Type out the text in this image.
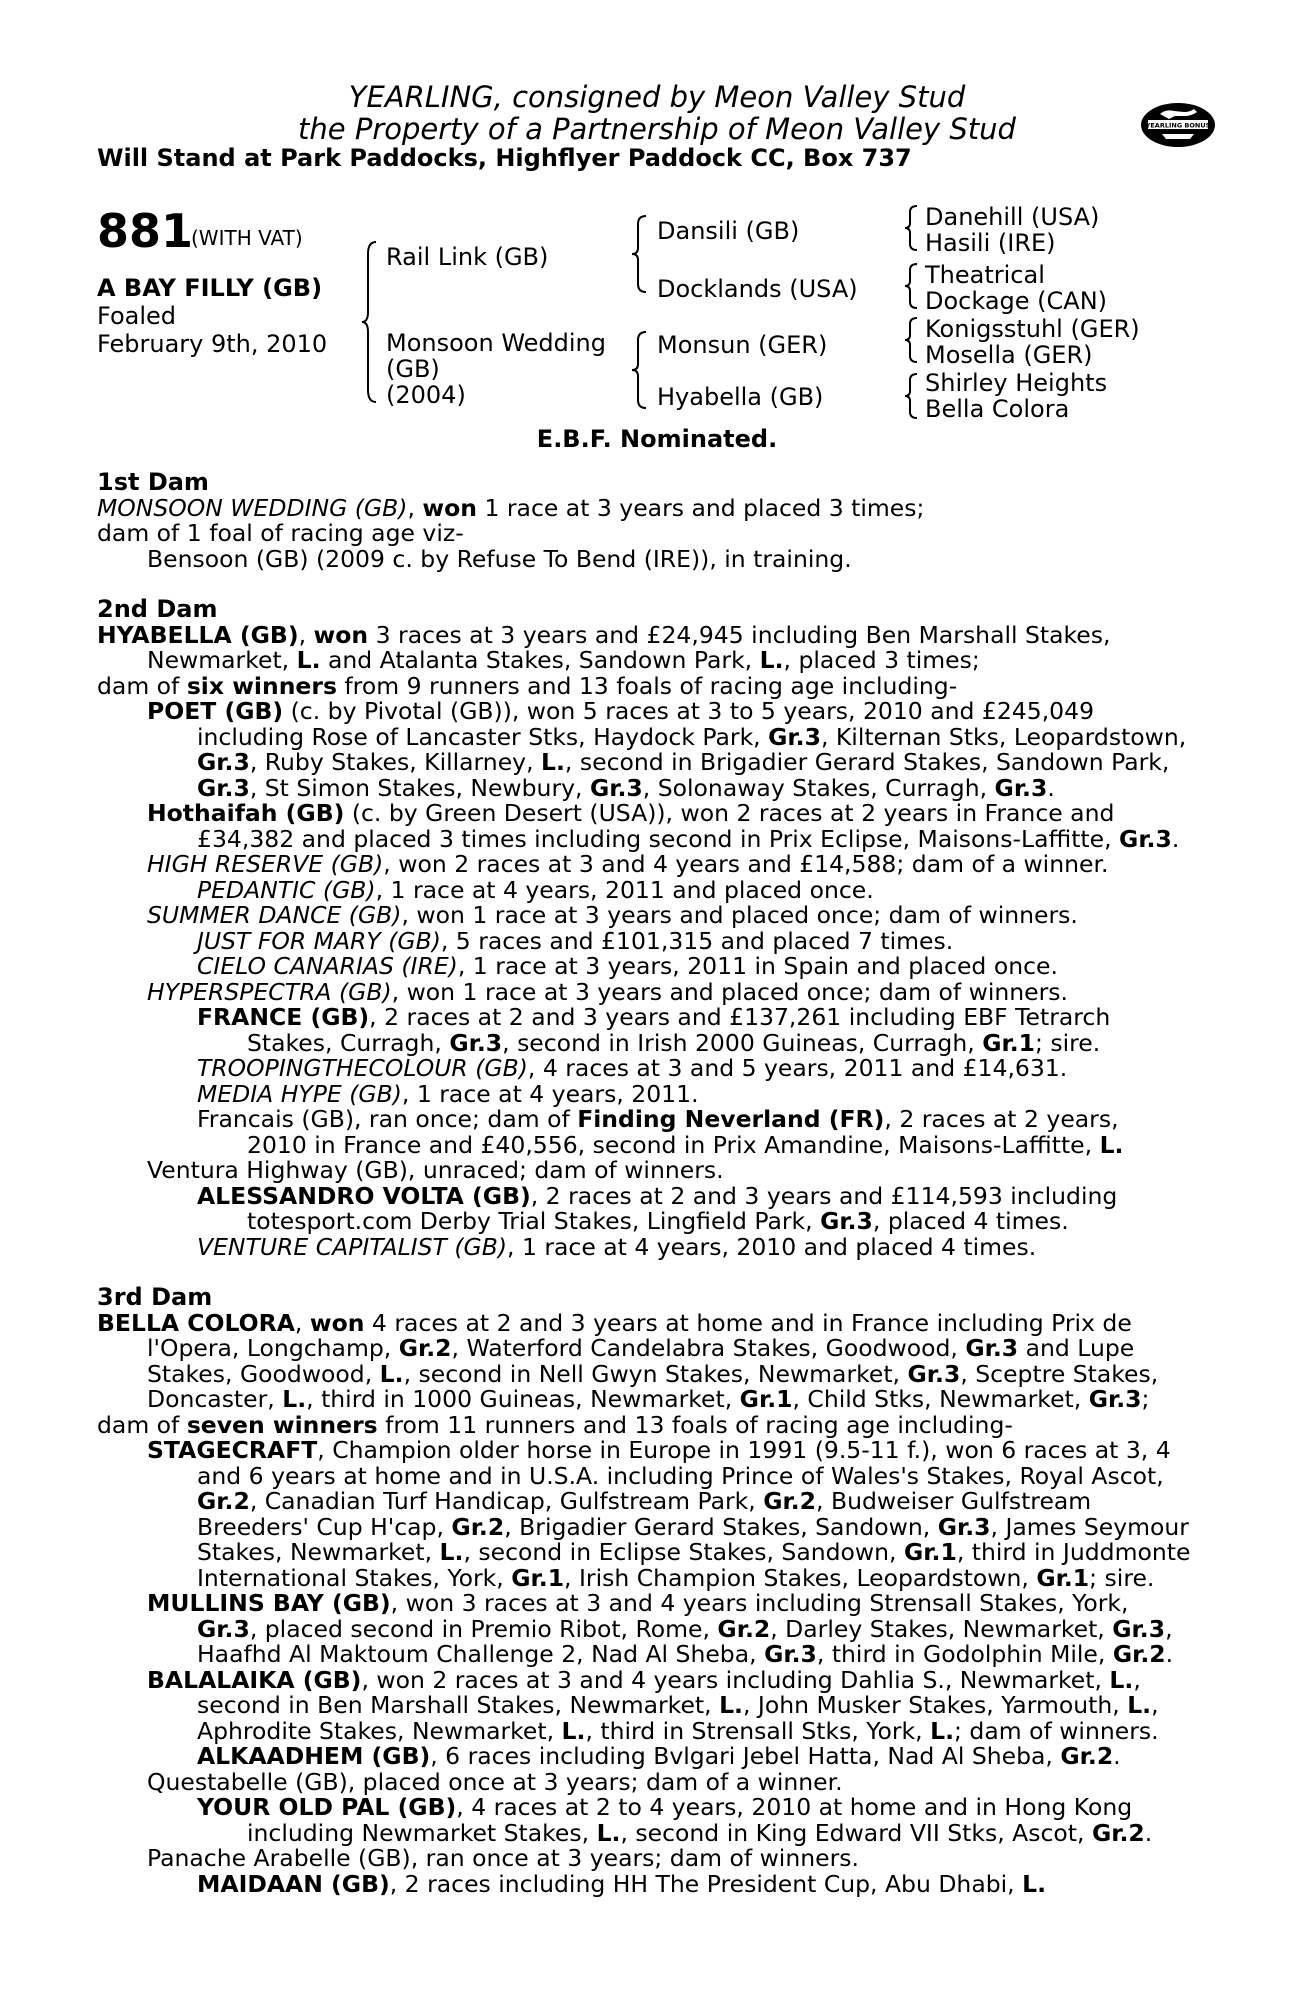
YEARLING, consigned by Meon Valley Stud
the Property of a Partnership of Meon Valley Stud
Will Stand at Park Paddocks, Highflyer Paddock CC, Box 737
YEARLING BONUS
881
(WITH VAT)
A BAY FILLY (GB)
Foaled
February 9th, 2010
Rail Link (GB)
Monsoon Wedding
(GB)
(2004)
Dansili (GB)
Docklands (USA)
Monsun (GER)
Hyabella (GB)
Danehill (USA)
Hasili (IRE)
Theatrical
Dockage (CAN)
Konigsstuhl (GER)
Mosella (GER)
Shirley Heights
Bella Colora
E.B.F. Nominated.
1st Dam
MONSOON WEDDING (GB), won 1 race at 3 years and placed 3 times;
dam of 1 foal of racing age viz-
Bensoon (GB) (2009 c. by Refuse To Bend (IRE)), in training.
2nd Dam
HYABELLA (GB), won 3 races at 3 years and £24,945 including Ben Marshall Stakes,
Newmarket, L. and Atalanta Stakes, Sandown Park, L., placed 3 times;
dam of six winners from 9 runners and 13 foals of racing age including-
POET (GB) (c. by Pivotal (GB)), won 5 races at 3 to 5 years, 2010 and £245,049
including Rose of Lancaster Stks, Haydock Park, Gr.3, Kilternan Stks, Leopardstown,
Gr.3, Ruby Stakes, Killarney, L., second in Brigadier Gerard Stakes, Sandown Park,
Gr.3, St Simon Stakes, Newbury, Gr.3, Solonaway Stakes, Curragh, Gr.3.
Hothaifah (GB) (c. by Green Desert (USA)), won 2 races at 2 years in France and
£34,382 and placed 3 times including second in Prix Eclipse, Maisons-Laffitte, Gr.3.
HIGH RESERVE (GB), won 2 races at 3 and 4 years and £14,588; dam of a winner.
PEDANTIC (GB), 1 race at 4 years, 2011 and placed once.
SUMMER DANCE (GB), won 1 race at 3 years and placed once; dam of winners.
JUST FOR MARY (GB), 5 races and £101,315 and placed 7 times.
CIELO CANARIAS (IRE), 1 race at 3 years, 2011 in Spain and placed once.
HYPERSPECTRA (GB), won 1 race at 3 years and placed once; dam of winners.
FRANCE (GB), 2 races at 2 and 3 years and £137,261 including EBF Tetrarch
Stakes, Curragh, Gr.3, second in Irish 2000 Guineas, Curragh, Gr.1; sire.
TROOPINGTHECOLOUR (GB), 4 races at 3 and 5 years, 2011 and £14,631.
MEDIA HYPE (GB), 1 race at 4 years, 2011.
Francais (GB), ran once; dam of Finding Neverland (FR), 2 races at 2 years,
2010 in France and £40,556, second in Prix Amandine, Maisons-Laffitte, L.
Ventura Highway (GB), unraced; dam of winners.
ALESSANDRO VOLTA (GB), 2 races at 2 and 3 years and £114,593 including
totesport.com Derby Trial Stakes, Lingfield Park, Gr.3, placed 4 times.
VENTURE CAPITALIST (GB), 1 race at 4 years, 2010 and placed 4 times.
3rd Dam
BELLA COLORA, won 4 races at 2 and 3 years at home and in France including Prix de
l'Opera, Longchamp, Gr.2, Waterford Candelabra Stakes, Goodwood, Gr.3 and Lupe
Stakes, Goodwood, L., second in Nell Gwyn Stakes, Newmarket, Gr.3, Sceptre Stakes,
Doncaster, L., third in 1000 Guineas, Newmarket, Gr.1, Child Stks, Newmarket, Gr.3;
dam of seven winners from 11 runners and 13 foals of racing age including-
STAGECRAFT, Champion older horse in Europe in 1991 (9.5-11 f.), won 6 races at 3, 4
and 6 years at home and in U.S.A. including Prince of Wales's Stakes, Royal Ascot,
Gr.2, Canadian Turf Handicap, Gulfstream Park, Gr.2, Budweiser Gulfstream
Breeders' Cup H'cap, Gr.2, Brigadier Gerard Stakes, Sandown, Gr.3, James Seymour
Stakes, Newmarket, L., second in Eclipse Stakes, Sandown, Gr.1, third in Juddmonte
International Stakes, York, Gr.1, Irish Champion Stakes, Leopardstown, Gr.1; sire.
MULLINS BAY (GB), won 3 races at 3 and 4 years including Strensall Stakes, York,
Gr.3, placed second in Premio Ribot, Rome, Gr.2, Darley Stakes, Newmarket, Gr.3,
Haafhd Al Maktoum Challenge 2, Nad Al Sheba, Gr.3, third in Godolphin Mile, Gr.2.
BALALAIKA (GB), won 2 races at 3 and 4 years including Dahlia S., Newmarket, L.,
second in Ben Marshall Stakes, Newmarket, L., John Musker Stakes, Yarmouth, L.,
Aphrodite Stakes, Newmarket, L., third in Strensall Stks, York, L.; dam of winners.
ALKAADHEM (GB), 6 races including Bvlgari Jebel Hatta, Nad Al Sheba, Gr.2.
Questabelle (GB), placed once at 3 years; dam of a winner.
YOUR OLD PAL (GB), 4 races at 2 to 4 years, 2010 at home and in Hong Kong
including Newmarket Stakes, L., second in King Edward VII Stks, Ascot, Gr.2.
Panache Arabelle (GB), ran once at 3 years; dam of winners.
MAIDAAN (GB), 2 races including HH The President Cup, Abu Dhabi, L.
